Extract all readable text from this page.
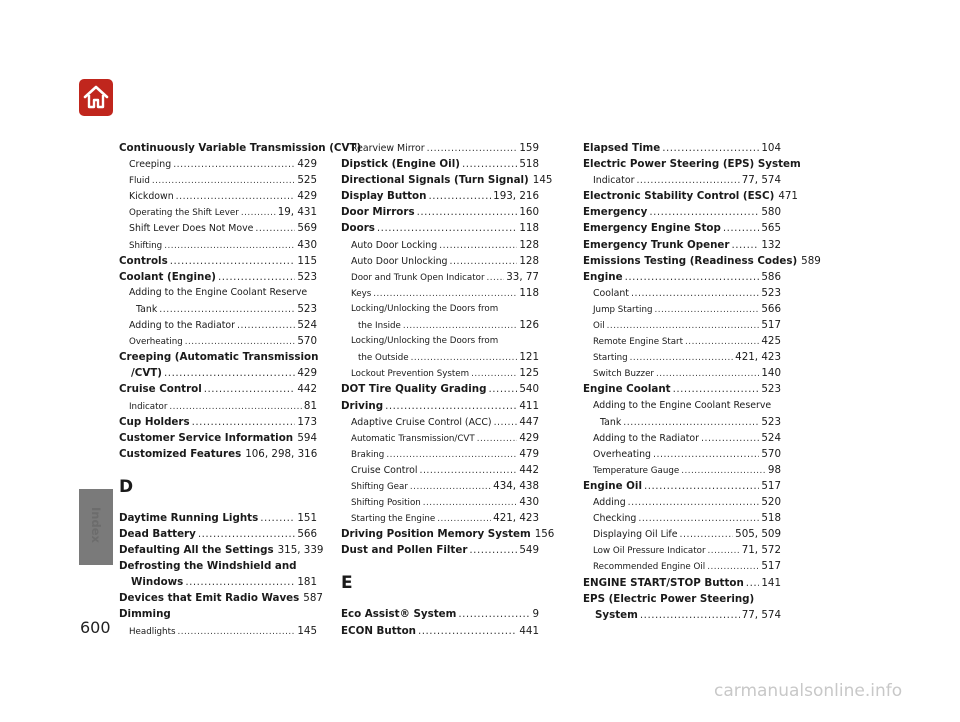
Index
600
Continuously Variable Transmission (CVT)
Creeping .....	429
Fluid .....	525
Kickdown .....	429
Operating the Shift Lever .....	19, 431
Shift Lever Does Not Move .....	569
Shifting .....	430
Controls .....	115
Coolant (Engine) .....	523
Adding to the Engine Coolant Reserve
Tank .....	523
Adding to the Radiator .....	524
Overheating .....	570
Creeping (Automatic Transmission
/CVT) .....	429
Cruise Control .....	442
Indicator .....	81
Cup Holders .....	173
Customer Service Information ..... 594
Customized Features 106, 298, 316
D
Daytime Running Lights .....	151
Dead Battery .....	566
Defaulting All the Settings 315, 339
Defrosting the Windshield and
Windows .....	181
Devices that Emit Radio Waves 587
Dimming
Headlights .....	145
Rearview Mirror .....	159
Dipstick (Engine Oil) .....	518
Directional Signals (Turn Signal) 145
Display Button .....	193, 216
Door Mirrors .....	160
Doors .....	118
Auto Door Locking .....	128
Auto Door Unlocking .....	128
Door and Trunk Open Indicator ..... 33, 77
Keys .....	118
Locking/Unlocking the Doors from
the Inside .....	126
Locking/Unlocking the Doors from
the Outside .....	121
Lockout Prevention System .....	125
DOT Tire Quality Grading .....	540
Driving .....	411
Adaptive Cruise Control (ACC) .....	447
Automatic Transmission/CVT .....	429
Braking .....	479
Cruise Control .....	442
Shifting Gear .....	434, 438
Shifting Position .....	430
Starting the Engine .....	421, 423
Driving Position Memory System 156
Dust and Pollen Filter .....	549
E
Eco Assist® System .....	9
ECON Button .....	441
Elapsed Time .....	104
Electric Power Steering (EPS) System
Indicator .....	77, 574
Electronic Stability Control (ESC) 471
Emergency .....	580
Emergency Engine Stop .....	565
Emergency Trunk Opener .....	132
Emissions Testing (Readiness Codes) 589
Engine .....	586
Coolant .....	523
Jump Starting .....	566
Oil .....	517
Remote Engine Start .....	425
Starting .....	421, 423
Switch Buzzer .....	140
Engine Coolant .....	523
Adding to the Engine Coolant Reserve
Tank .....	523
Adding to the Radiator .....	524
Overheating .....	570
Temperature Gauge .....	98
Engine Oil .....	517
Adding .....	520
Checking .....	518
Displaying Oil Life .....	505, 509
Low Oil Pressure Indicator .....	71, 572
Recommended Engine Oil .....	517
ENGINE START/STOP Button ..... 141
EPS (Electric Power Steering)
System .....	77, 574
carmanualsonline.info
